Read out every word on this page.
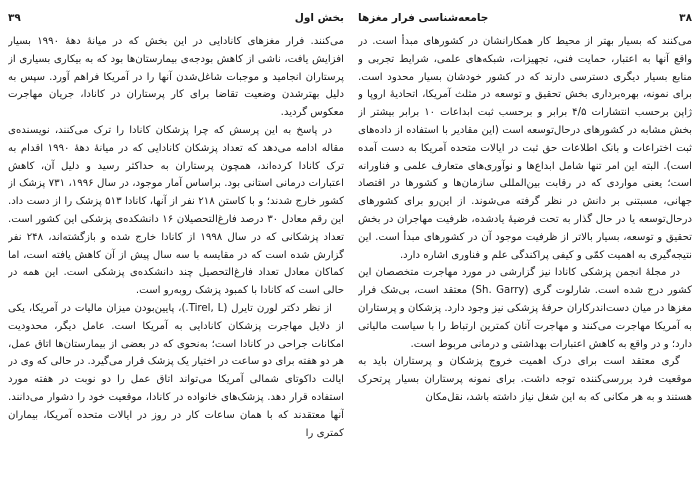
۳۸
جامعه‌شناسی فرار مغزها

می‌کنند که بسیار بهتر از محیط کار همکارانشان در کشورهای مبدأ است. در واقع آنها به اعتبار، حمایت فنی، تجهیزات، شبکه‌های علمی، شرایط تجربی و منابع بسیار دیگری دسترسی دارند که در کشور خودشان بسیار محدود است. برای نمونه، بهره‌برداری بخش تحقیق و توسعه در مثلث آمریکا، اتحادیهٔ اروپا و ژاپن برحسب انتشارات ۴/۵ برابر و برحسب ثبت ابداعات ۱۰ برابر بیشتر از بخش مشابه در کشورهای درحال‌توسعه است (این مقادیر با استفاده از داده‌های ثبت اختراعات و بانک اطلاعات حق ثبت در ایالات متحده آمریکا به دست آمده است). البته این امر تنها شامل ابداع‌ها و نوآوری‌های متعارف علمی و فناورانه است؛ یعنی مواردی که در رقابت بین‌المللی سازمان‌ها و کشورها در اقتصاد جهانی، مسبتنی بر دانش در نظر گرفته می‌شوند. از این‌رو برای کشورهای درحال‌توسعه یا در حال گذار به تحت فرضیهٔ یادشده، ظرفیت مهاجران در بخش تحقیق و توسعه، بسیار بالاتر از ظرفیت موجود آن در کشورهای مبدأ است. این نتیجه‌گیری به اهمیت کمّی و کیفی پراکندگی علم و فناوری اشاره دارد.

در مجلهٔ انجمن پزشکی کانادا نیز گزارشی در مورد مهاجرت متخصصان این کشور درج شده است. شارلوت گری (Sh. Garry) معتقد است، بی‌شک فرار مغزها در میان دست‌اندرکاران حرفهٔ پزشکی نیز وجود دارد. پزشکان و پرستاران به آمریکا مهاجرت می‌کنند و مهاجرت آنان کمترین ارتباط را با سیاست مالیاتی دارد؛ و در واقع به کاهش اعتبارات بهداشتی و درمانی مربوط است.

گری معتقد است برای درک اهمیت خروج پزشکان و پرستاران باید به موقعیت فرد بررسی‌کننده توجه داشت. برای نمونه پرستاران بسیار پرتحرک هستند و به هر مکانی که به این شغل نیاز داشته باشد، نقل‌مکان

بخش اول
۳۹

می‌کنند. فرار مغزهای کانادایی در این بخش که در میانهٔ دههٔ ۱۹۹۰ بسیار افزایش یافت، ناشی از کاهش بودجه‌ی بیمارستان‌ها بود که به بیکاری بسیاری از پرستاران انجامید و موجبات شاغل‌شدن آنها را در آمریکا فراهم آورد. سپس به دلیل بهترشدن وضعیت تقاضا برای کار پرستاران در کانادا، جریان مهاجرت معکوس گردید.

در پاسخ به این پرسش که چرا پزشکان کانادا را ترک می‌کنند، نویسنده‌ی مقاله ادامه می‌دهد که تعداد پزشکان کانادایی که در میانهٔ دههٔ ۱۹۹۰ اقدام به ترک کانادا کرده‌اند، همچون پرستاران به حداکثر رسید و دلیل آن، کاهش اعتبارات درمانی استانی بود. براساس آمار موجود، در سال ۱۹۹۶، ۷۳۱ پزشک از کشور خارج شدند؛ و با کاستن ۲۱۸ نفر از آنها، کانادا ۵۱۳ پزشک را از دست داد. این رقم معادل ۳۰ درصد فارغ‌التحصیلان ۱۶ دانشکده‌ی پزشکی این کشور است. تعداد پزشکانی که در سال ۱۹۹۸ از کانادا خارج شده و بازگشته‌اند، ۲۴۸ نفر گزارش شده است که در مقایسه با سه سال پیش از آن کاهش یافته است، اما کماکان معادل تعداد فارغ‌التحصیل چند دانشکده‌ی پزشکی است. این همه در حالی است که کانادا با کمبود پزشک روبه‌رو است.

از نظر دکتر لورن تایرل (Tirel, L.)، پایین‌بودن میزان مالیات در آمریکا، یکی از دلایل مهاجرت پزشکان کانادایی به آمریکا است. عامل دیگر، محدودیت امکانات جراحی در کانادا است؛ به‌نحوی که در بعضی از بیمارستان‌ها اتاق عمل، هر دو هفته برای دو ساعت در اختیار یک پزشک قرار می‌گیرد. در حالی که وی در ایالت داکوتای شمالی آمریکا می‌تواند اتاق عمل را دو نوبت در هفته مورد استفاده قرار دهد. پزشک‌های خانواده در کانادا، موقعیت خود را دشوار می‌دانند. آنها معتقدند که با همان ساعات کار در روز در ایالات متحده آمریکا، بیماران کمتری را
